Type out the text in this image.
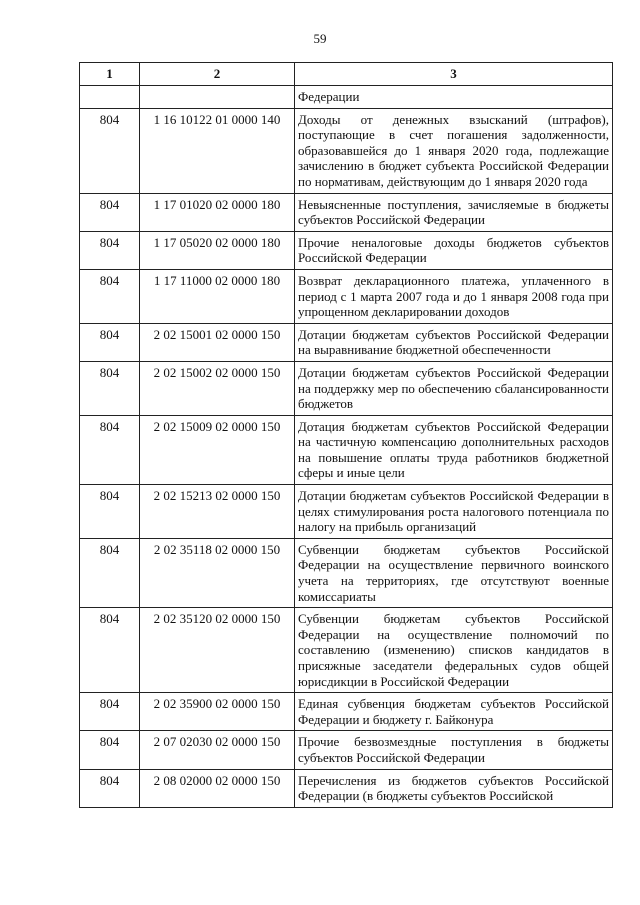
59
1	2	3
		Федерации
804	1 16 10122 01 0000 140	Доходы от денежных взысканий (штрафов), поступающие в счет погашения задолженности, образовавшейся до 1 января 2020 года, подлежащие зачислению в бюджет субъекта Российской Федерации по нормативам, действующим до 1 января 2020 года
804	1 17 01020 02 0000 180	Невыясненные поступления, зачисляемые в бюджеты субъектов Российской Федерации
804	1 17 05020 02 0000 180	Прочие неналоговые доходы бюджетов субъектов Российской Федерации
804	1 17 11000 02 0000 180	Возврат декларационного платежа, уплаченного в период с 1 марта 2007 года и до 1 января 2008 года при упрощенном декларировании доходов
804	2 02 15001 02 0000 150	Дотации бюджетам субъектов Российской Федерации на выравнивание бюджетной обеспеченности
804	2 02 15002 02 0000 150	Дотации бюджетам субъектов Российской Федерации на поддержку мер по обеспечению сбалансированности бюджетов
804	2 02 15009 02 0000 150	Дотация бюджетам субъектов Российской Федерации на частичную компенсацию дополнительных расходов на повышение оплаты труда работников бюджетной сферы и иные цели
804	2 02 15213 02 0000 150	Дотации бюджетам субъектов Российской Федерации в целях стимулирования роста налогового потенциала по налогу на прибыль организаций
804	2 02 35118 02 0000 150	Субвенции бюджетам субъектов Российской Федерации на осуществление первичного воинского учета на территориях, где отсутствуют военные комиссариаты
804	2 02 35120 02 0000 150	Субвенции бюджетам субъектов Российской Федерации на осуществление полномочий по составлению (изменению) списков кандидатов в присяжные заседатели федеральных судов общей юрисдикции в Российской Федерации
804	2 02 35900 02 0000 150	Единая субвенция бюджетам субъектов Российской Федерации и бюджету г. Байконура
804	2 07 02030 02 0000 150	Прочие безвозмездные поступления в бюджеты субъектов Российской Федерации
804	2 08 02000 02 0000 150	Перечисления из бюджетов субъектов Российской Федерации (в бюджеты субъектов Российской
